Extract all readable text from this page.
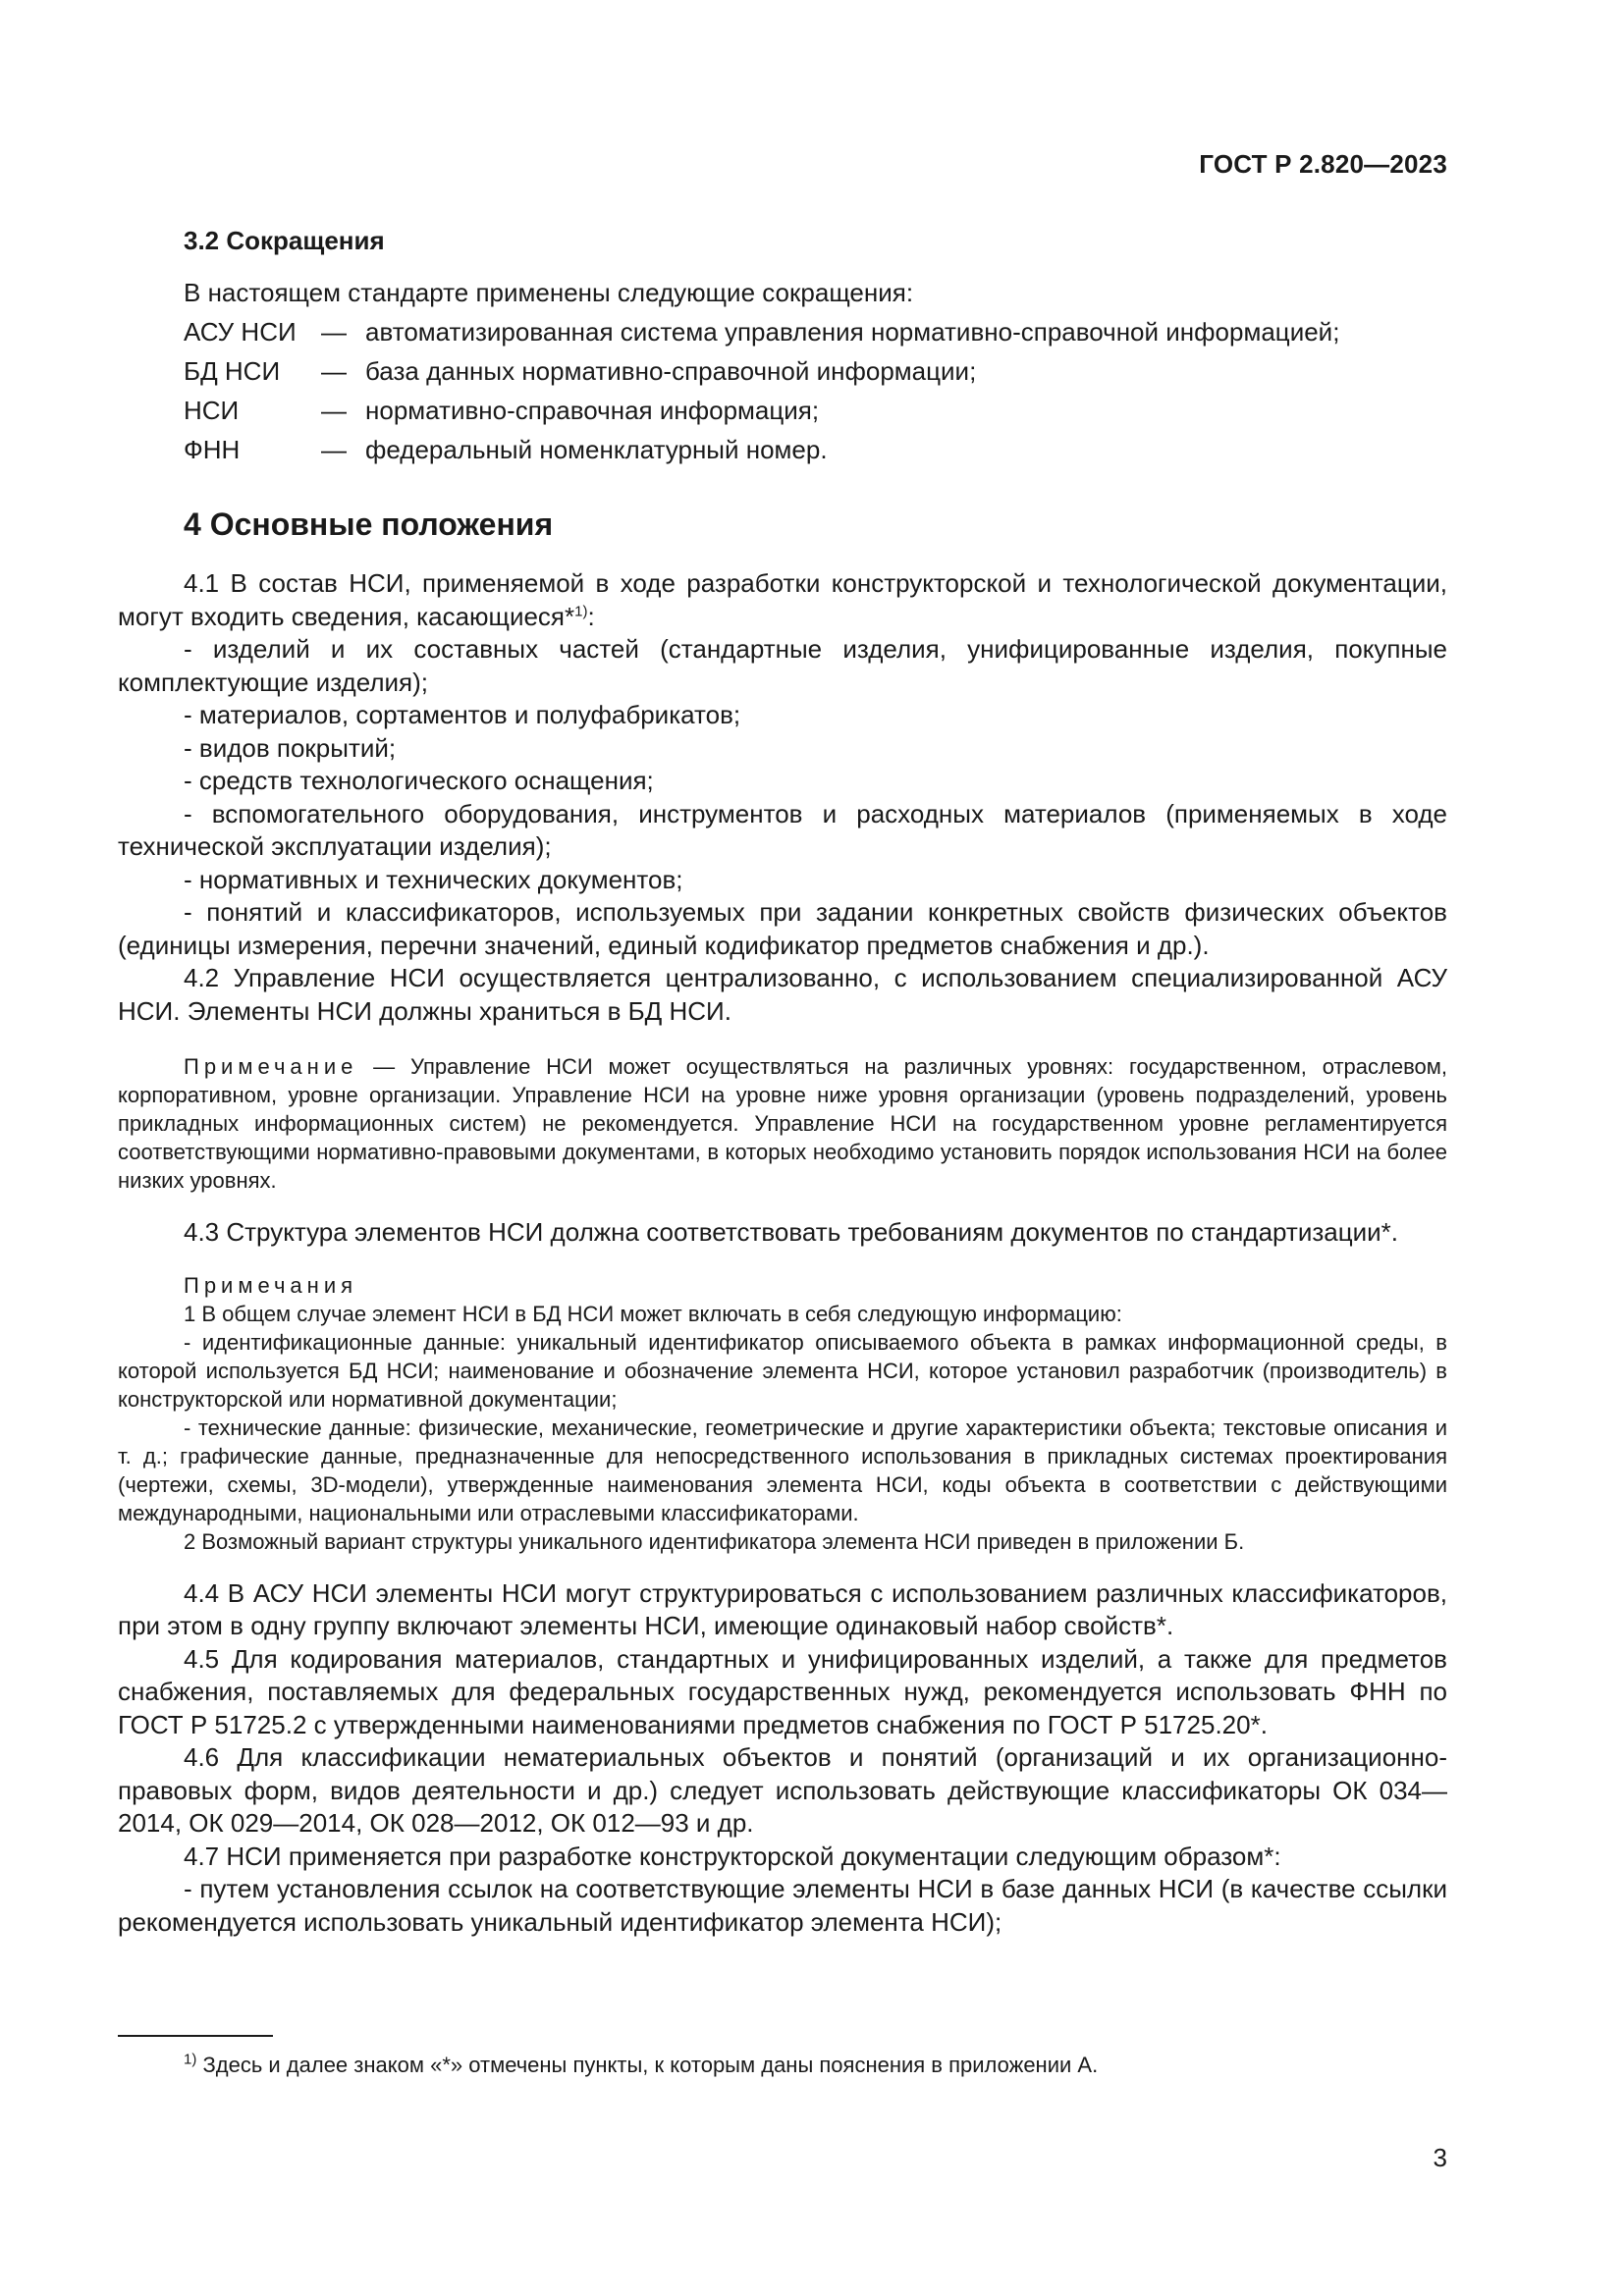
ГОСТ Р 2.820—2023
3.2 Сокращения
В настоящем стандарте применены следующие сокращения:
АСУ НСИ — автоматизированная система управления нормативно-справочной информацией;
БД НСИ — база данных нормативно-справочной информации;
НСИ	— нормативно-справочная информация;
ФНН	— федеральный номенклатурный номер.
4 Основные положения

4.1 В состав НСИ, применяемой в ходе разработки конструкторской и технологической документации, могут входить сведения, касающиеся*$^{1)}$:

- изделий и их составных частей (стандартные изделия, унифицированные изделия, покупные комплектующие изделия);

- материалов, сортаментов и полуфабрикатов;

- видов покрытий;

- средств технологического оснащения;

- вспомогательного оборудования, инструментов и расходных материалов (применяемых в ходе технической эксплуатации изделия);

- нормативных и технических документов;

- понятий и классификаторов, используемых при задании конкретных свойств физических объектов (единицы измерения, перечни значений, единый кодификатор предметов снабжения и др.).

4.2 Управление НСИ осуществляется централизованно, с использованием специализированной АСУ НСИ. Элементы НСИ должны храниться в БД НСИ.

Примечание — Управление НСИ может осуществляться на различных уровнях: государственном, отраслевом, корпоративном, уровне организации. Управление НСИ на уровне ниже уровня организации (уровень подразделений, уровень прикладных информационных систем) не рекомендуется. Управление НСИ на государственном уровне регламентируется соответствующими нормативно-правовыми документами, в которых необходимо установить порядок использования НСИ на более низких уровнях.

4.3 Структура элементов НСИ должна соответствовать требованиям документов по стандартизации*.

Примечания

1 В общем случае элемент НСИ в БД НСИ может включать в себя следующую информацию:

- идентификационные данные: уникальный идентификатор описываемого объекта в рамках информационной среды, в которой используется БД НСИ; наименование и обозначение элемента НСИ, которое установил разработчик (производитель) в конструкторской или нормативной документации;

- технические данные: физические, механические, геометрические и другие характеристики объекта; текстовые описания и т. д.; графические данные, предназначенные для непосредственного использования в прикладных системах проектирования (чертежи, схемы, 3D-модели), утвержденные наименования элемента НСИ, коды объекта в соответствии с действующими международными, национальными или отраслевыми классификаторами.

2 Возможный вариант структуры уникального идентификатора элемента НСИ приведен в приложении Б.

4.4 В АСУ НСИ элементы НСИ могут структурироваться с использованием различных классификаторов, при этом в одну группу включают элементы НСИ, имеющие одинаковый набор свойств*.

4.5 Для кодирования материалов, стандартных и унифицированных изделий, а также для предметов снабжения, поставляемых для федеральных государственных нужд, рекомендуется использовать ФНН по ГОСТ Р 51725.2 с утвержденными наименованиями предметов снабжения по ГОСТ Р 51725.20*.

4.6 Для классификации нематериальных объектов и понятий (организаций и их организационно-правовых форм, видов деятельности и др.) следует использовать действующие классификаторы ОК 034—2014, ОК 029—2014, ОК 028—2012, ОК 012—93 и др.

4.7 НСИ применяется при разработке конструкторской документации следующим образом*:

- путем установления ссылок на соответствующие элементы НСИ в базе данных НСИ (в качестве ссылки рекомендуется использовать уникальный идентификатор элемента НСИ);

$^{1)}$ Здесь и далее знаком «*» отмечены пункты, к которым даны пояснения в приложении А.
3
